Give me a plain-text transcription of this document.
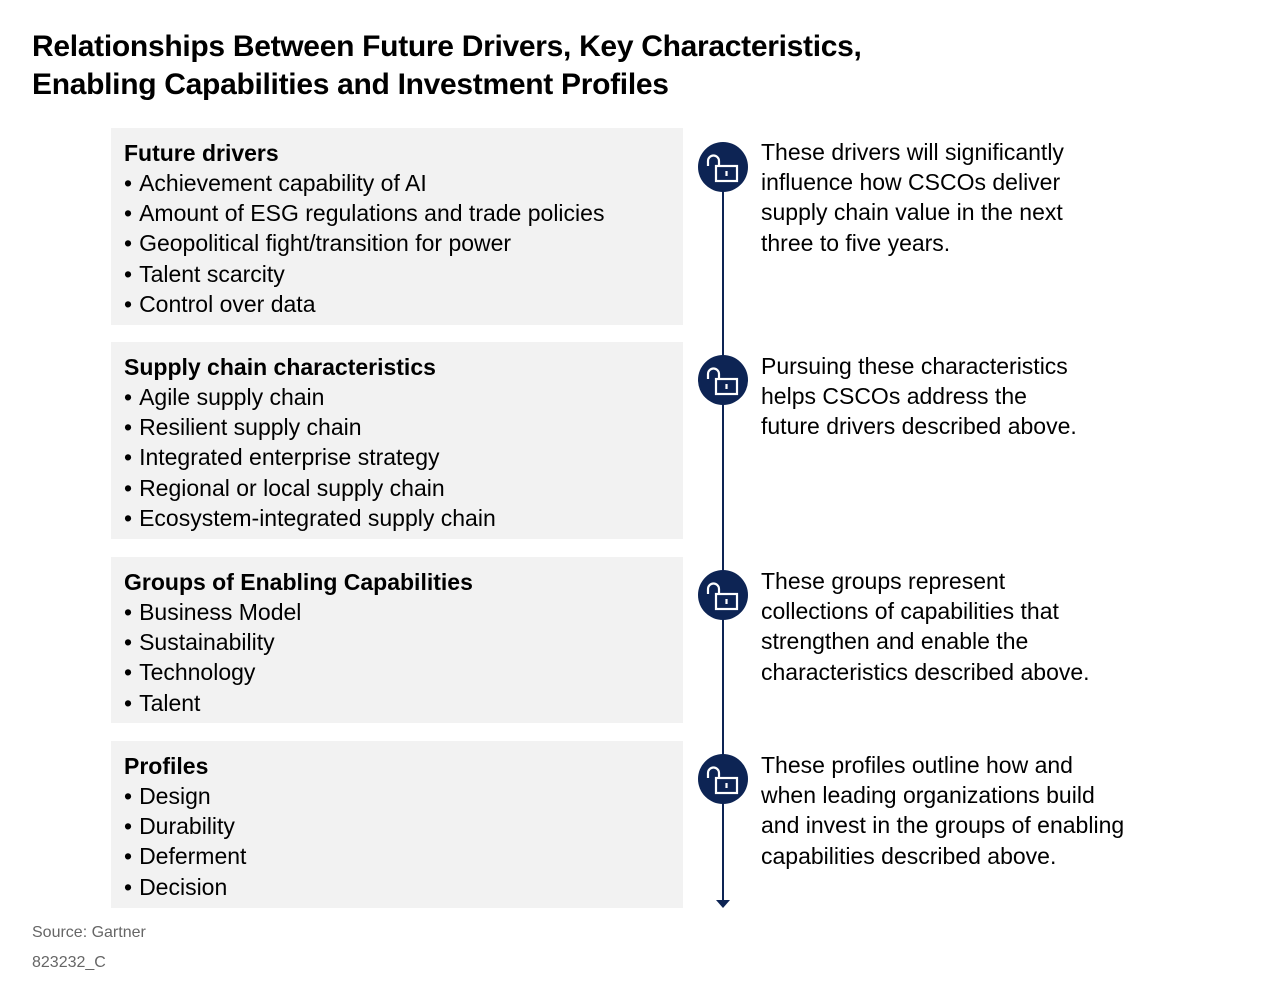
Relationships Between Future Drivers, Key Characteristics,
Enabling Capabilities and Investment Profiles
Future drivers
• Achievement capability of AI
• Amount of ESG regulations and trade policies
• Geopolitical fight/transition for power
• Talent scarcity
• Control over data
Supply chain characteristics
• Agile supply chain
• Resilient supply chain
• Integrated enterprise strategy
• Regional or local supply chain
• Ecosystem-integrated supply chain
Groups of Enabling Capabilities
• Business Model
• Sustainability
• Technology
• Talent
Profiles
• Design
• Durability
• Deferment
• Decision
These drivers will significantly
influence how CSCOs deliver
supply chain value in the next
three to five years.
Pursuing these characteristics
helps CSCOs address the
future drivers described above.
These groups represent
collections of capabilities that
strengthen and enable the
characteristics described above.
These profiles outline how and
when leading organizations build
and invest in the groups of enabling
capabilities described above.
Source: Gartner
823232_C
